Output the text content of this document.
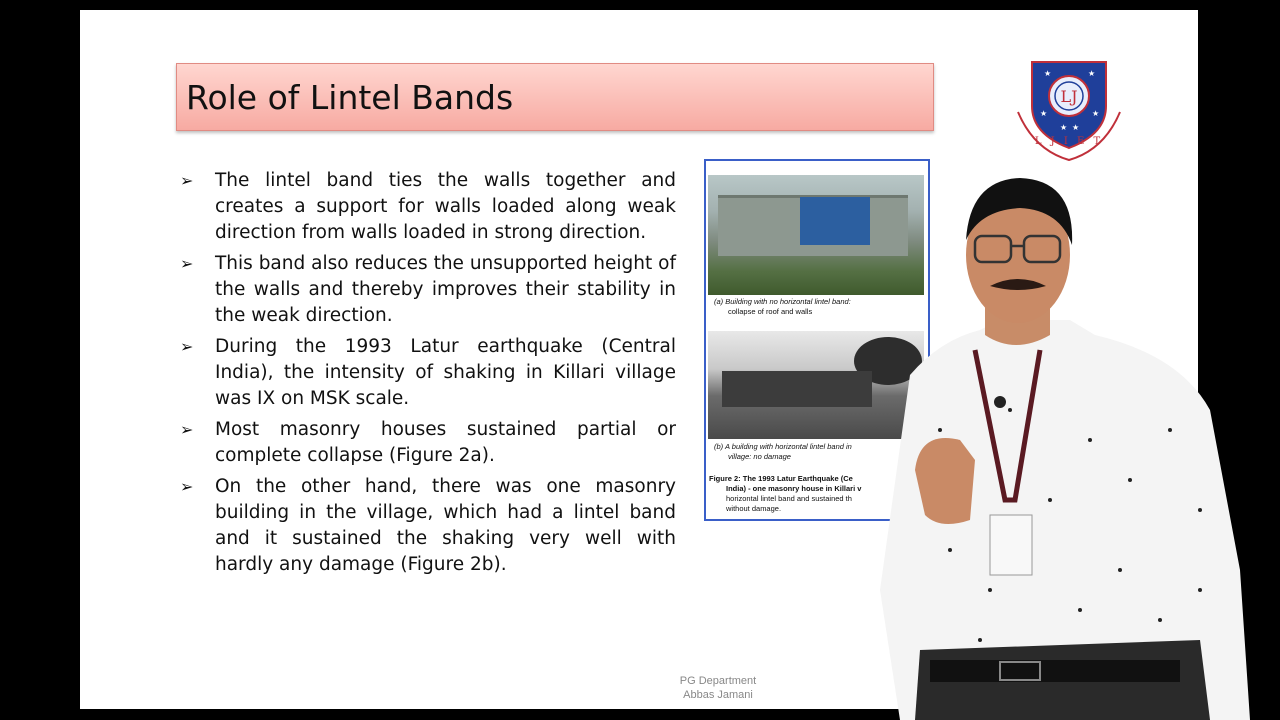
Role of Lintel Bands
➢ The lintel band ties the walls together and creates a support for walls loaded along weak direction from walls loaded in strong direction.
➢ This band also reduces the unsupported height of the walls and thereby improves their stability in the weak direction.
➢ During the 1993 Latur earthquake (Central India), the intensity of shaking in Killari village was IX on MSK scale.
➢ Most masonry houses sustained partial or complete collapse (Figure 2a).
➢ On the other hand, there was one masonry building in the village, which had a lintel band and it sustained the shaking very well with hardly any damage (Figure 2b).
(a) Building with no horizontal lintel band:
collapse of roof and walls
(b) A building with horizontal lintel band in
village: no damage
Figure 2: The 1993 Latur Earthquake (Ce
India) - one masonry house in Killari v
horizontal lintel band and sustained th
without damage.
PG Department
Abbas Jamani
LJ
★	★
★	★
★ ★
L J I E T
